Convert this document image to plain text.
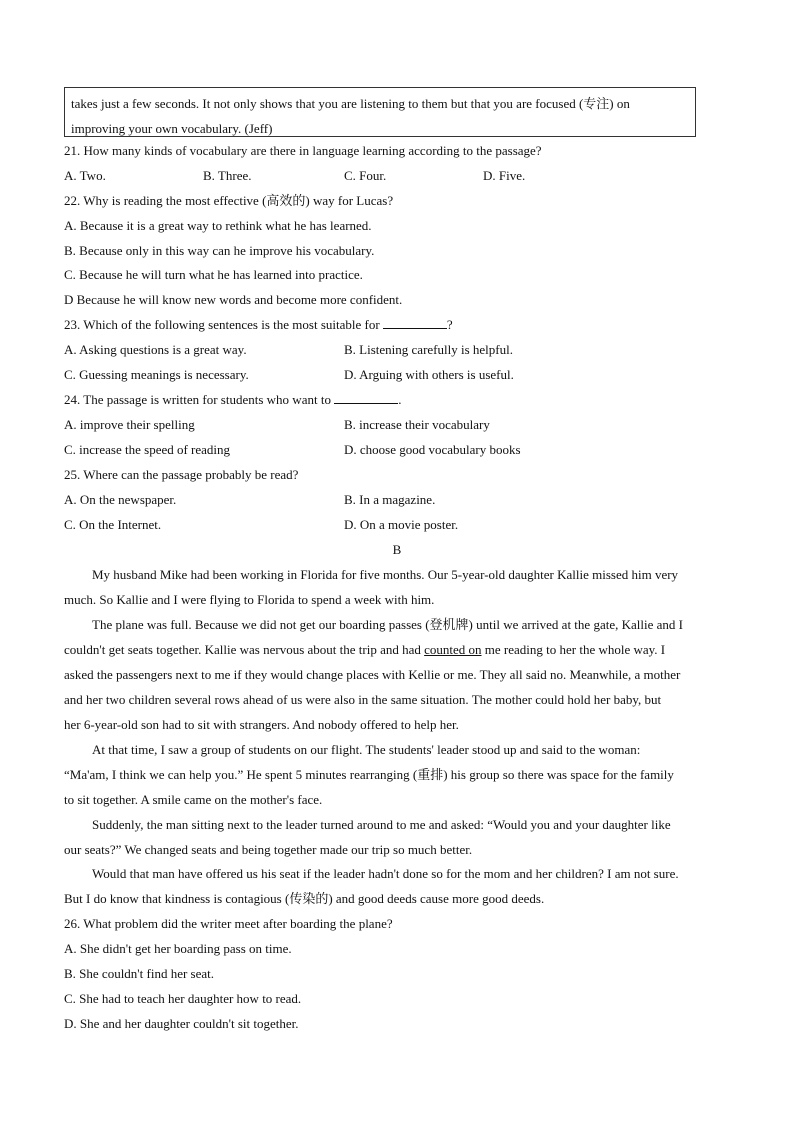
takes just a few seconds. It not only shows that you are listening to them but that you are focused (专注) on
improving your own vocabulary. (Jeff)
21. How many kinds of vocabulary are there in language learning according to the passage?
A. Two.	B. Three.	C. Four.	D. Five.
22. Why is reading the most effective (高效的) way for Lucas?
A. Because it is a great way to rethink what he has learned.
B. Because only in this way can he improve his vocabulary.
C. Because he will turn what he has learned into practice.
D Because he will know new words and become more confident.
23. Which of the following sentences is the most suitable for	?
A. Asking questions is a great way.	B. Listening carefully is helpful.
C. Guessing meanings is necessary.	D. Arguing with others is useful.
24. The passage is written for students who want to	.
A. improve their spelling	B. increase their vocabulary
C. increase the speed of reading	D. choose good vocabulary books
25. Where can the passage probably be read?
A. On the newspaper.	B. In a magazine.
C. On the Internet.	D. On a movie poster.
B
My husband Mike had been working in Florida for five months. Our 5-year-old daughter Kallie missed him very
much. So Kallie and I were flying to Florida to spend a week with him.
The plane was full. Because we did not get our boarding passes (登机牌) until we arrived at the gate, Kallie and I
couldn't get seats together. Kallie was nervous about the trip and had counted on me reading to her the whole way. I
asked the passengers next to me if they would change places with Kellie or me. They all said no. Meanwhile, a mother
and her two children several rows ahead of us were also in the same situation. The mother could hold her baby, but
her 6-year-old son had to sit with strangers. And nobody offered to help her.
At that time, I saw a group of students on our flight. The students' leader stood up and said to the woman:
“Ma'am, I think we can help you.” He spent 5 minutes rearranging (重排) his group so there was space for the family
to sit together. A smile came on the mother's face.
Suddenly, the man sitting next to the leader turned around to me and asked: “Would you and your daughter like
our seats?” We changed seats and being together made our trip so much better.
Would that man have offered us his seat if the leader hadn't done so for the mom and her children? I am not sure.
But I do know that kindness is contagious (传染的) and good deeds cause more good deeds.
26. What problem did the writer meet after boarding the plane?
A. She didn't get her boarding pass on time.
B. She couldn't find her seat.
C. She had to teach her daughter how to read.
D. She and her daughter couldn't sit together.
